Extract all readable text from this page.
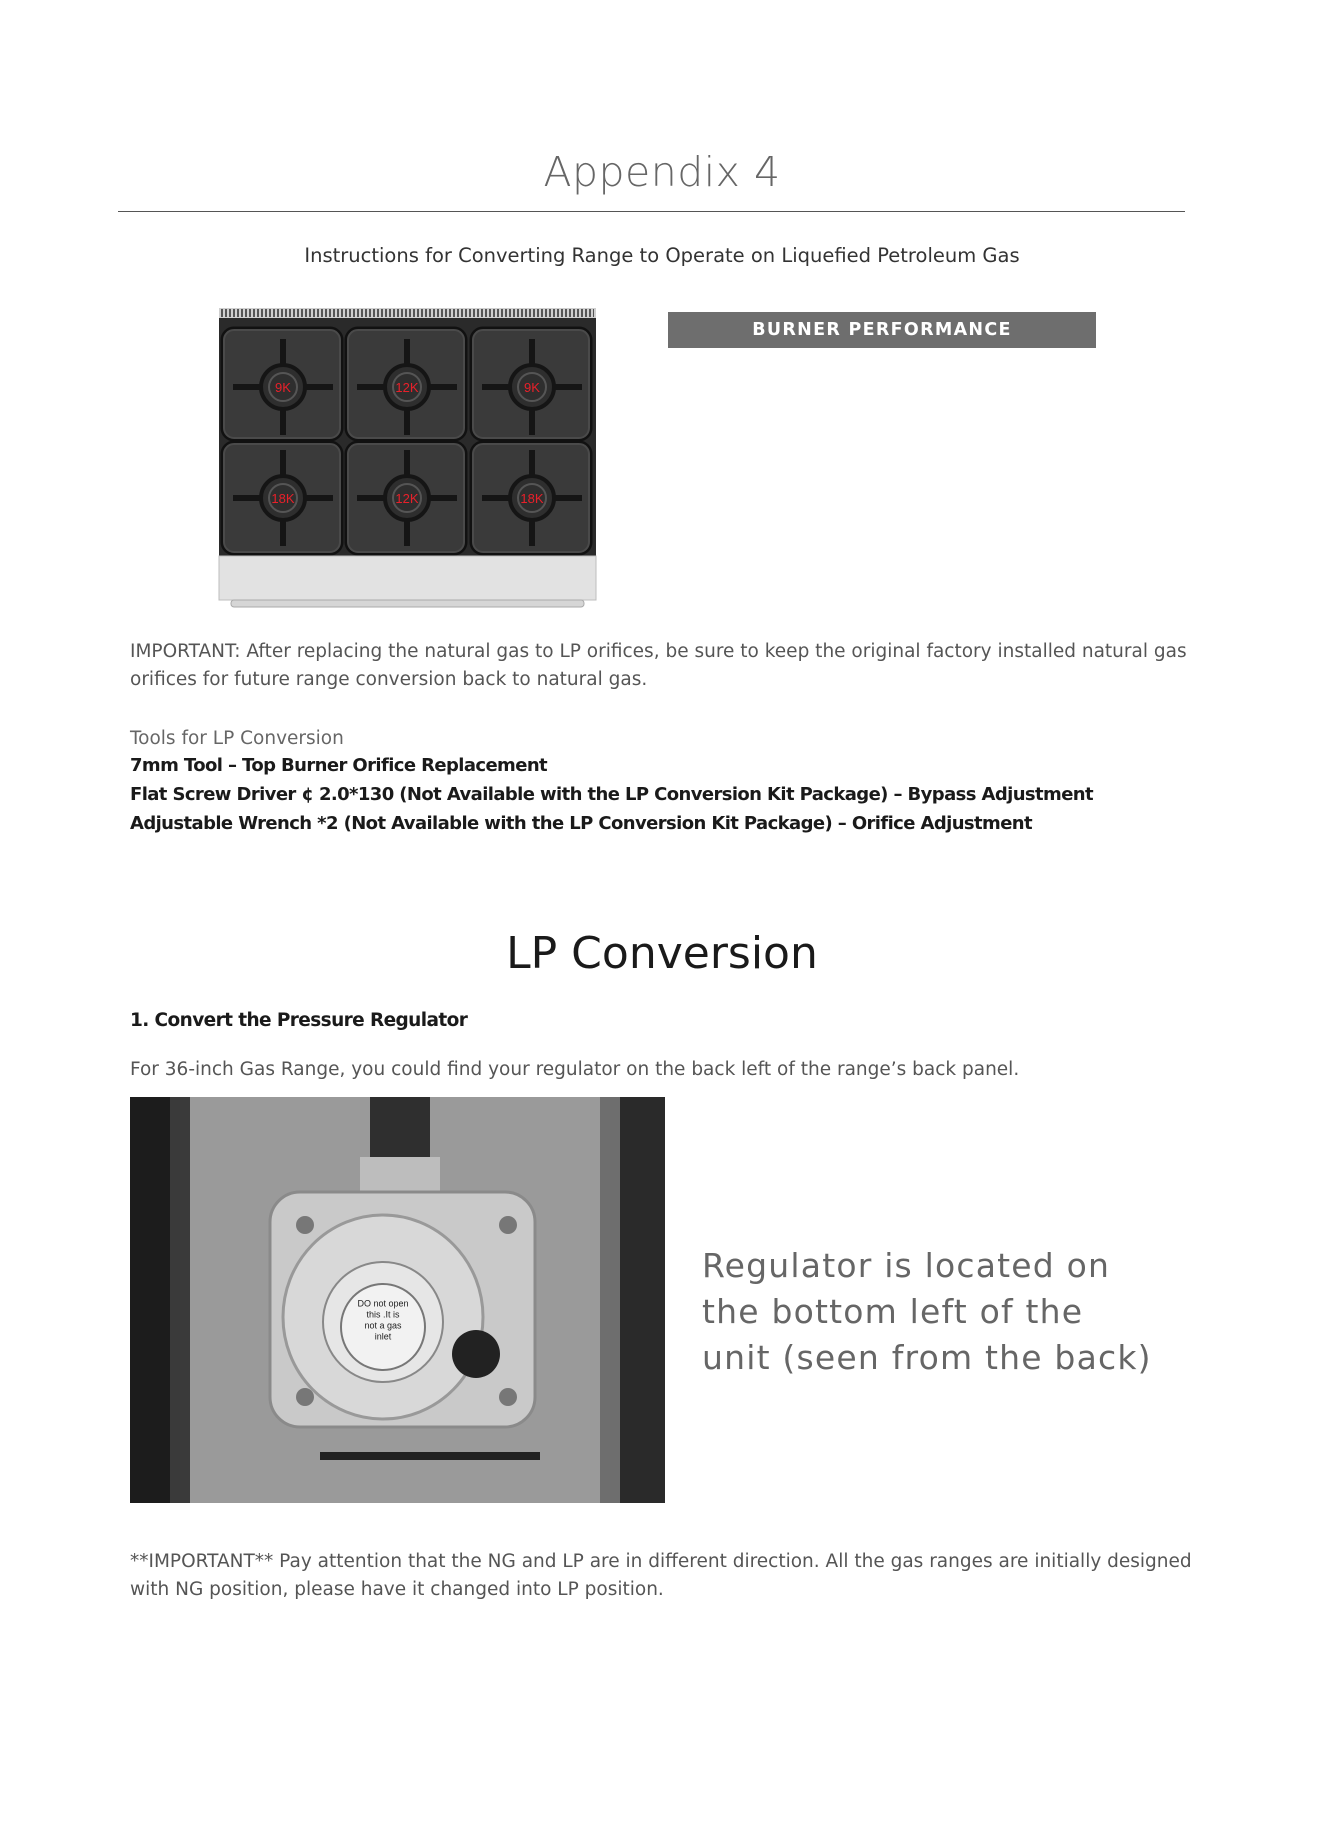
Appendix 4
Instructions for Converting Range to Operate on Liquefied Petroleum Gas
9K	12K	9K
18K	12K	18K
BURNER PERFORMANCE
IMPORTANT: After replacing the natural gas to LP orifices, be sure to keep the original factory installed natural gas orifices for future range conversion back to natural gas.
Tools for LP Conversion
7mm Tool – Top Burner Orifice Replacement
Flat Screw Driver ¢ 2.0*130 (Not Available with the LP Conversion Kit Package) – Bypass Adjustment
Adjustable Wrench *2 (Not Available with the LP Conversion Kit Package) – Orifice Adjustment
LP Conversion
1. Convert the Pressure Regulator
For 36-inch Gas Range, you could find your regulator on the back left of the range’s back panel.
DO not open this .It is not a gas inlet
Regulator is located on the bottom left of the unit (seen from the back)
**IMPORTANT** Pay attention that the NG and LP are in different direction. All the gas ranges are initially designed with NG position, please have it changed into LP position.
